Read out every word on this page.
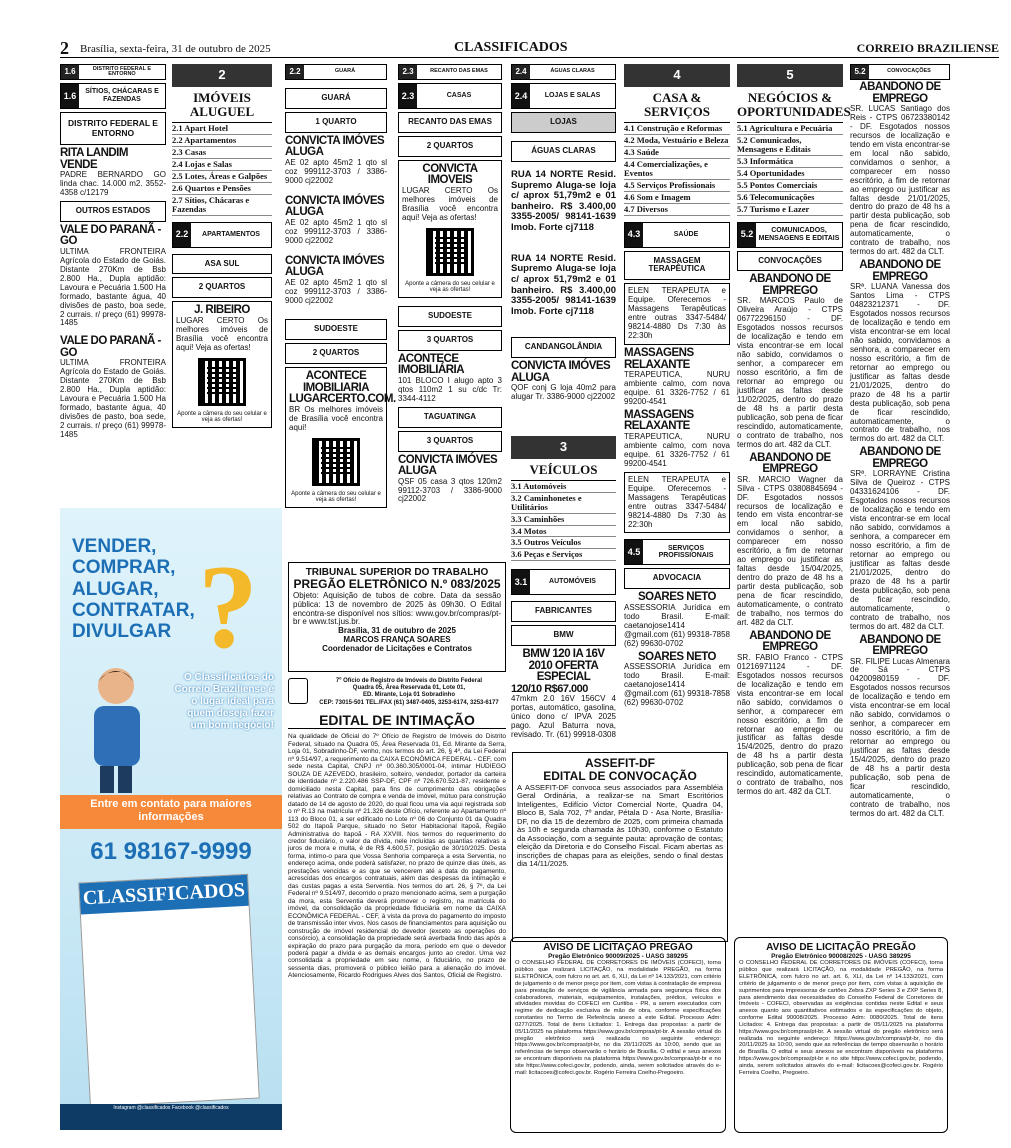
2 Brasília, sexta-feira, 31 de outubro de 2025	CLASSIFICADOS	CORREIO BRAZILIENSE
1.6	DISTRITO FEDERAL E ENTORNO
1.6	SÍTIOS, CHÁCARAS E FAZENDAS
DISTRITO FEDERAL E ENTORNO
RITA LANDIM VENDE
PADRE BERNARDO GO linda chac. 14.000 m2. 3552-4358 c/12179
OUTROS ESTADOS
VALE DO PARANÃ - GO
ULTIMA FRONTEIRA Agrícola do Estado de Goiás. Distante 270Km de Bsb 2.800 Ha., Dupla aptidão: Lavoura e Pecuária 1.500 Ha formado, bastante água, 40 divisões de pasto, boa sede, 2 currais. r/ preço (61) 99978-1485
VALE DO PARANÃ - GO
ULTIMA FRONTEIRA Agrícola do Estado de Goiás. Distante 270Km de Bsb 2.800 Ha., Dupla aptidão: Lavoura e Pecuária 1.500 Ha formado, bastante água, 40 divisões de pasto, boa sede, 2 currais. r/ preço (61) 99978-1485
VENDER,
COMPRAR,
ALUGAR,
CONTRATAR,
DIVULGAR ?
O Classificados do Correio Braziliense é o lugar ideal para quem deseja fazer um bom negócio!
Entre em contato para maiores informações
61 98167-9999
CLASSIFICADOS
Instagram @classificados Facebook @classificados
2
IMÓVEIS ALUGUEL
2.1 Apart Hotel
2.2 Apartamentos
2.3 Casas
2.4 Lojas e Salas
2.5 Lotes, Áreas e Galpões
2.6 Quartos e Pensões
2.7 Sítios, Chácaras e Fazendas
2.2	APARTAMENTOS
ASA SUL
2 QUARTOS
J. RIBEIRO
LUGAR CERTO Os melhores imóveis de Brasília você encontra aqui! Veja as ofertas!
Aponte a câmera do seu celular e veja as ofertas!
2.2	GUARÁ
GUARÁ
1 QUARTO
CONVICTA IMÓVES ALUGA
AE 02 apto 45m2 1 qto sl coz 999112-3703 / 3386-9000 cj22002
CONVICTA IMÓVES ALUGA
AE 02 apto 45m2 1 qto sl coz 999112-3703 / 3386-9000 cj22002
CONVICTA IMÓVES ALUGA
AE 02 apto 45m2 1 qto sl coz 999112-3703 / 3386-9000 cj22002
SUDOESTE
2 QUARTOS
ACONTECE IMOBILIARIA LUGARCERTO.COM.
BR Os melhores imóveis de Brasília você encontra aqui!
Aponte a câmera do seu celular e veja as ofertas!
2.3	RECANTO DAS EMAS
2.3	CASAS
RECANTO DAS EMAS
2 QUARTOS
CONVICTA IMOVEIS
LUGAR CERTO Os melhores imóveis de Brasília você encontra aqui! Veja as ofertas!
Aponte a câmera do seu celular e veja as ofertas!
SUDOESTE
3 QUARTOS
ACONTECE IMOBILIÁRIA
101 BLOCO I alugo apto 3 qtos 110m2 1 su c/dc Tr: 3344-4112
TAGUATINGA
3 QUARTOS
CONVICTA IMÓVES ALUGA
QSF 05 casa 3 qtos 120m2 99112-3703 / 3386-9000 cj22002
2.4	ÁGUAS CLARAS
2.4	LOJAS E SALAS
LOJAS
ÁGUAS CLARAS
RUA 14 NORTE Resid. Supremo Aluga-se loja c/ aprox 51,79m2 e 01 banheiro. R$ 3.400,00 3355-2005/ 98141-1639 Imob. Forte cj7118
RUA 14 NORTE Resid. Supremo Aluga-se loja c/ aprox 51,79m2 e 01 banheiro. R$ 3.400,00 3355-2005/ 98141-1639 Imob. Forte cj7118
CANDANGOLÂNDIA
CONVICTA IMÓVES ALUGA
QOF conj G loja 40m2 para alugar Tr. 3386-9000 cj22002
3
VEÍCULOS
3.1 Automóveis
3.2 Caminhonetes e Utilitários
3.3 Caminhões
3.4 Motos
3.5 Outros Veículos
3.6 Peças e Serviços
3.1	AUTOMÓVEIS
FABRICANTES
BMW
BMW 120 IA 16V 2010 OFERTA ESPECIAL
120/10 R$67.000
47mkm 2.0 16V 156CV 4 portas, automático, gasolina, único dono c/ IPVA 2025 pago. Azul Baturra nova, revisado. Tr. (61) 99918-0308
4
CASA & SERVIÇOS
4.1 Construção e Reformas
4.2 Moda, Vestuário e Beleza
4.3 Saúde
4.4 Comercializações, e Eventos
4.5 Serviços Profissionais
4.6 Som e Imagem
4.7 Diversos
4.3	SAÚDE
MASSAGEM TERAPÊUTICA
ELEN TERAPEUTA e Equipe. Oferecemos - Massagens Terapêuticas entre outras 3347-5484/ 98214-4880 Ds 7:30 às 22:30h
MASSAGENS RELAXANTE
TERAPEUTICA, NURU ambiente calmo, com nova equipe. 61 3326-7752 / 61 99200-4541
MASSAGENS RELAXANTE
TERAPEUTICA, NURU ambiente calmo, com nova equipe. 61 3326-7752 / 61 99200-4541
ELEN TERAPEUTA e Equipe. Oferecemos - Massagens Terapêuticas entre outras 3347-5484/ 98214-4880 Ds 7:30 às 22:30h
4.5	SERVIÇOS PROFISSIONAIS
ADVOCACIA
SOARES NETO
ASSESSORIA Jurídica em todo Brasil. E-mail: caetanojose1414 @gmail.com (61) 99318-7858 (62) 99630-0702
SOARES NETO
ASSESSORIA Jurídica em todo Brasil. E-mail: caetanojose1414 @gmail.com (61) 99318-7858 (62) 99630-0702
5
NEGÓCIOS & OPORTUNIDADES
5.1 Agricultura e Pecuária
5.2 Comunicados, Mensagens e Editais
5.3 Informática
5.4 Oportunidades
5.5 Pontos Comerciais
5.6 Telecomunicações
5.7 Turismo e Lazer
5.2	COMUNICADOS, MENSAGENS E EDITAIS
CONVOCAÇÕES
ABANDONO DE EMPREGO
SR. MARCOS Paulo de Oliveira Araújo - CTPS 06772296150 - DF. Esgotados nossos recursos de localização e tendo em vista encontrar-se em local não sabido, convidamos o senhor, a comparecer em nosso escritório, a fim de retornar ao emprego ou justificar as faltas desde 11/02/2025, dentro do prazo de 48 hs a partir desta publicação, sob pena de ficar rescindido, automaticamente, o contrato de trabalho, nos termos do art. 482 da CLT.
ABANDONO DE EMPREGO
SR. MARCIO Wagner da Silva - CTPS 03808845694 - DF. Esgotados nossos recursos de localização e tendo em vista encontrar-se em local não sabido, convidamos o senhor, a comparecer em nosso escritório, a fim de retornar ao emprego ou justificar as faltas desde 15/04/2025, dentro do prazo de 48 hs a partir desta publicação, sob pena de ficar rescindido, automaticamente, o contrato de trabalho, nos termos do art. 482 da CLT.
ABANDONO DE EMPREGO
SR. FABIO Franco - CTPS 01216971124 - DF. Esgotados nossos recursos de localização e tendo em vista encontrar-se em local não sabido, convidamos o senhor, a comparecer em nosso escritório, a fim de retornar ao emprego ou justificar as faltas desde 15/4/2025, dentro do prazo de 48 hs a partir desta publicação, sob pena de ficar rescindido, automaticamente, o contrato de trabalho, nos termos do art. 482 da CLT.
5.2	CONVOCAÇÕES
ABANDONO DE EMPREGO
SR. LUCAS Santiago dos Reis - CTPS 06723380142 - DF. Esgotados nossos recursos de localização e tendo em vista encontrar-se em local não sabido, convidamos o senhor, a comparecer em nosso escritório, a fim de retornar ao emprego ou justificar as faltas desde 21/01/2025, dentro do prazo de 48 hs a partir desta publicação, sob pena de ficar rescindido, automaticamente, o contrato de trabalho, nos termos do art. 482 da CLT.
ABANDONO DE EMPREGO
SRª. LUANA Vanessa dos Santos Lima - CTPS 04823212371 - DF. Esgotados nossos recursos de localização e tendo em vista encontrar-se em local não sabido, convidamos a senhora, a comparecer em nosso escritório, a fim de retornar ao emprego ou justificar as faltas desde 21/01/2025, dentro do prazo de 48 hs a partir desta publicação, sob pena de ficar rescindido, automaticamente, o contrato de trabalho, nos termos do art. 482 da CLT.
ABANDONO DE EMPREGO
SRª. LORRAYNE Cristina Silva de Queiroz - CTPS 04331624106 - DF. Esgotados nossos recursos de localização e tendo em vista encontrar-se em local não sabido, convidamos a senhora, a comparecer em nosso escritório, a fim de retornar ao emprego ou justificar as faltas desde 21/01/2025, dentro do prazo de 48 hs a partir desta publicação, sob pena de ficar rescindido, automaticamente, o contrato de trabalho, nos termos do art. 482 da CLT.
ABANDONO DE EMPREGO
SR. FILIPE Lucas Almenara de Sá - CTPS 04200980159 - DF. Esgotados nossos recursos de localização e tendo em vista encontrar-se em local não sabido, convidamos o senhor, a comparecer em nosso escritório, a fim de retornar ao emprego ou justificar as faltas desde 15/4/2025, dentro do prazo de 48 hs a partir desta publicação, sob pena de ficar rescindido, automaticamente, o contrato de trabalho, nos termos do art. 482 da CLT.
TRIBUNAL SUPERIOR DO TRABALHO
PREGÃO ELETRÔNICO N.º 083/2025
Objeto: Aquisição de tubos de cobre. Data da sessão pública: 13 de novembro de 2025 às 09h30. O Edital encontra-se disponível nos sítios: www.gov.br/compras/pt-br e www.tst.jus.br.
Brasília, 31 de outubro de 2025
MARCOS FRANÇA SOARES
Coordenador de Licitações e Contratos
7º Ofício de Registro de Imóveis do Distrito Federal
Quadra 05, Área Reservada 01, Lote 01,
ED. Mirante, Loja 01 Sobradinho
CEP: 73015-501 TEL./FAX (61) 3487-0405, 3253-6174, 3253-6177
EDITAL DE INTIMAÇÃO
Na qualidade de Oficial do 7º Ofício de Registro de Imóveis do Distrito Federal, situado na Quadra 05, Área Reservada 01, Ed. Mirante da Serra, Loja 01, Sobradinho-DF, venho, nos termos do art. 26, § 4º, da Lei Federal nº 9.514/97, a requerimento da CAIXA ECONÔMICA FEDERAL - CEF, com sede nesta Capital, CNPJ nº 00.360.305/0001-04, intimar HUDIEGO SOUZA DE AZEVEDO, brasileiro, solteiro, vendedor, portador da carteira de identidade nº 2.220.486 SSP-DF, CPF nº 726.670.521-87, residente e domiciliado nesta Capital, para fins de cumprimento das obrigações relativas ao Contrato de compra e venda de imóvel, mútuo para construção datado de 14 de agosto de 2020, do qual ficou uma via aqui registrada sob o nº R.13 na matrícula nº 21.326 deste Ofício, referente ao Apartamento nº 113 do Bloco 01, a ser edificado no Lote nº 06 do Conjunto 01 da Quadra 502 do Itapoã Parque, situado no Setor Habitacional Itapoã, Região Administrativa do Itapoã - RA XXVIII. Nos termos do requerimento do credor fiduciário, o valor da dívida, nele incluídas as quantias relativas a juros de mora e multa, é de R$ 4.600,57, posição de 30/10/2025. Desta forma, intimo-o para que Vossa Senhoria compareça a esta Serventia, no endereço acima, onde poderá satisfazer, no prazo de quinze dias úteis, as prestações vencidas e as que se vencerem até a data do pagamento, acrescidas dos encargos contratuais, além das despesas da intimação e das custas pagas a esta Serventia. Nos termos do art. 26, § 7º, da Lei Federal nº 9.514/97, decorrido o prazo mencionado acima, sem a purgação da mora, esta Serventia deverá promover o registro, na matrícula do imóvel, da consolidação da propriedade fiduciária em nome da CAIXA ECONÔMICA FEDERAL - CEF, à vista da prova do pagamento do imposto de transmissão inter vivos. Nos casos de financiamentos para aquisição ou construção de imóvel residencial do devedor (exceto as operações do consórcio), a consolidação da propriedade será averbada findo das após a expiração do prazo para purgação da mora, período em que o devedor poderá pagar a dívida e as demais encargos junto ao credor. Uma vez consolidada a propriedade em seu nome, o fiduciário, no prazo de sessenta dias, promoverá o público leilão para a alienação do imóvel. Atenciosamente, Ricardo Rodrigues Alves dos Santos, Oficial de Registro.
ASSEFIT-DF
EDITAL DE CONVOCAÇÃO
A ASSEFIT-DF convoca seus associados para Assembléia Geral Ordinária, a realizar-se na Smart Escritórios Inteligentes, Edifício Victor Comercial Norte, Quadra 04, Bloco B, Sala 702, 7º andar, Pétala D - Asa Norte, Brasília-DF, no dia 15 de dezembro de 2025, com primeira chamada às 10h e segunda chamada às 10h30, conforme o Estatuto da Associação, com a seguinte pauta: aprovação de contas; eleição da Diretoria e do Conselho Fiscal. Ficam abertas as inscrições de chapas para as eleições, sendo o final destas dia 14/11/2025.
AVISO DE LICITAÇÃO PREGÃO
Pregão Eletrônico 90009/2025 - UASG 389295
O CONSELHO FEDERAL DE CORRETORES DE IMÓVEIS (COFECI), torna público que realizará LICITAÇÃO, na modalidade PREGÃO, na forma ELETRÔNICA, com fulcro no art. art. 6, XLI, da Lei nº 14.133/2021, com critério de julgamento o de menor preço por item, com vistas à contratação de empresa para prestação de serviços de vigilância armada para segurança física dos colaboradores, materiais, equipamentos, instalações, prédios, veículos e atividades movidas do COFECI em Curitiba - PR, a serem executados com regime de dedicação exclusiva de mão de obra, conforme especificações constantes no Termo de Referência anexo a este Edital. Processo Adm: 0277/2025. Total de itens Licitados: 1. Entrega das propostas: a partir de 05/11/2025 na plataforma https://www.gov.br/compras/pt-br. A sessão virtual do pregão eletrônico será realizada no seguinte endereço: https://www.gov.br/compras/pt-br, no dia 20/11/2025 às 10:00, sendo que as referências de tempo observarão o horário de Brasília. O edital e seus anexos se encontram disponíveis na plataforma https://www.gov.br/compras/pt-br e no site https://www.cofeci.gov.br, podendo, ainda, serem solicitados através do e-mail: licitacoes@cofeci.gov.br. Rogério Ferreira Coelho-Pregoeiro.
AVISO DE LICITAÇÃO PREGÃO
Pregão Eletrônico 90008/2025 - UASG 389295
O CONSELHO FEDERAL DE CORRETORES DE IMÓVEIS (COFECI), torna público que realizará LICITAÇÃO, na modalidade PREGÃO, na forma ELETRÔNICA, com fulcro no art. art. 6, XLI, da Lei nº 14.133/2021, com critério de julgamento o de menor preço por item, com vistas à aquisição de suprimentos para impressoras de cartões Zebra ZXP Series 3 e ZXP Series 8, para atendimento das necessidades do Conselho Federal de Corretores de Imóveis - COFECI, observadas as exigências contidas neste Edital e seus anexos quanto aos quantitativos estimados e às especificações do objeto, conforme Edital 90008/2025. Processo Adm: 0080/2025. Total de itens Licitados: 4. Entrega das propostas: a partir de 05/11/2025 na plataforma https://www.gov.br/compras/pt-br. A sessão virtual do pregão eletrônico será realizada no seguinte endereço: https://www.gov.br/compras/pt-br, no dia 20/11/2025 às 10:00, sendo que as referências de tempo observarão o horário de Brasília. O edital e seus anexos se encontram disponíveis na plataforma https://www.gov.br/compras/pt-br e no site https://www.cofeci.gov.br, podendo, ainda, serem solicitados através do e-mail: licitacoes@cofeci.gov.br. Rogério Ferreira Coelho, Pregoeiro.
